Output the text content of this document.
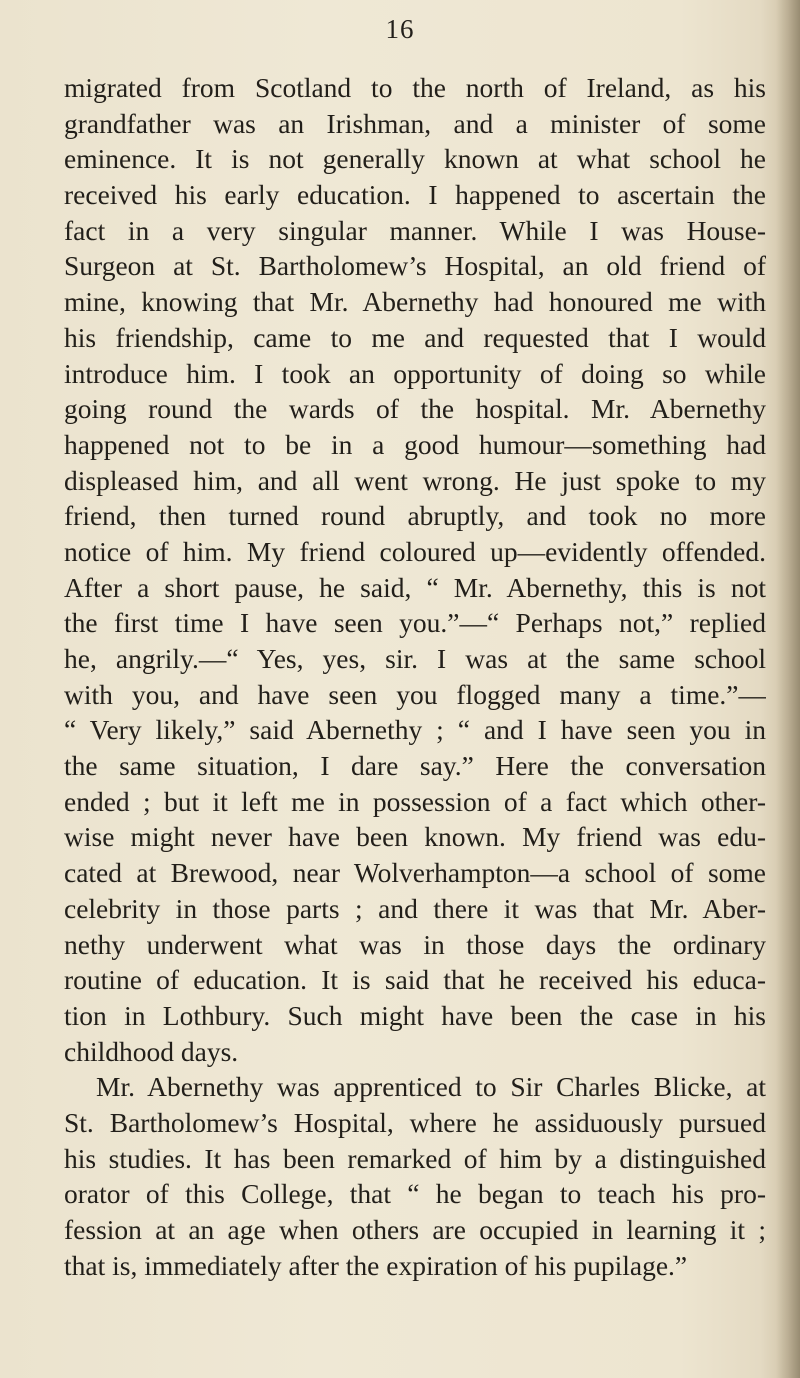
16
migrated from Scotland to the north of Ireland, as his
grandfather was an Irishman, and a minister of some
eminence. It is not generally known at what school he
received his early education. I happened to ascertain the
fact in a very singular manner. While I was House-
Surgeon at St. Bartholomew’s Hospital, an old friend of
mine, knowing that Mr. Abernethy had honoured me with
his friendship, came to me and requested that I would
introduce him. I took an opportunity of doing so while
going round the wards of the hospital. Mr. Abernethy
happened not to be in a good humour—something had
displeased him, and all went wrong. He just spoke to my
friend, then turned round abruptly, and took no more
notice of him. My friend coloured up—evidently offended.
After a short pause, he said, “ Mr. Abernethy, this is not
the first time I have seen you.”—“ Perhaps not,” replied
he, angrily.—“ Yes, yes, sir. I was at the same school
with you, and have seen you flogged many a time.”—
“ Very likely,” said Abernethy ; “ and I have seen you in
the same situation, I dare say.” Here the conversation
ended ; but it left me in possession of a fact which other-
wise might never have been known. My friend was edu-
cated at Brewood, near Wolverhampton—a school of some
celebrity in those parts ; and there it was that Mr. Aber-
nethy underwent what was in those days the ordinary
routine of education. It is said that he received his educa-
tion in Lothbury. Such might have been the case in his
childhood days.
Mr. Abernethy was apprenticed to Sir Charles Blicke, at
St. Bartholomew’s Hospital, where he assiduously pursued
his studies. It has been remarked of him by a distinguished
orator of this College, that “ he began to teach his pro-
fession at an age when others are occupied in learning it ;
that is, immediately after the expiration of his pupilage.”
